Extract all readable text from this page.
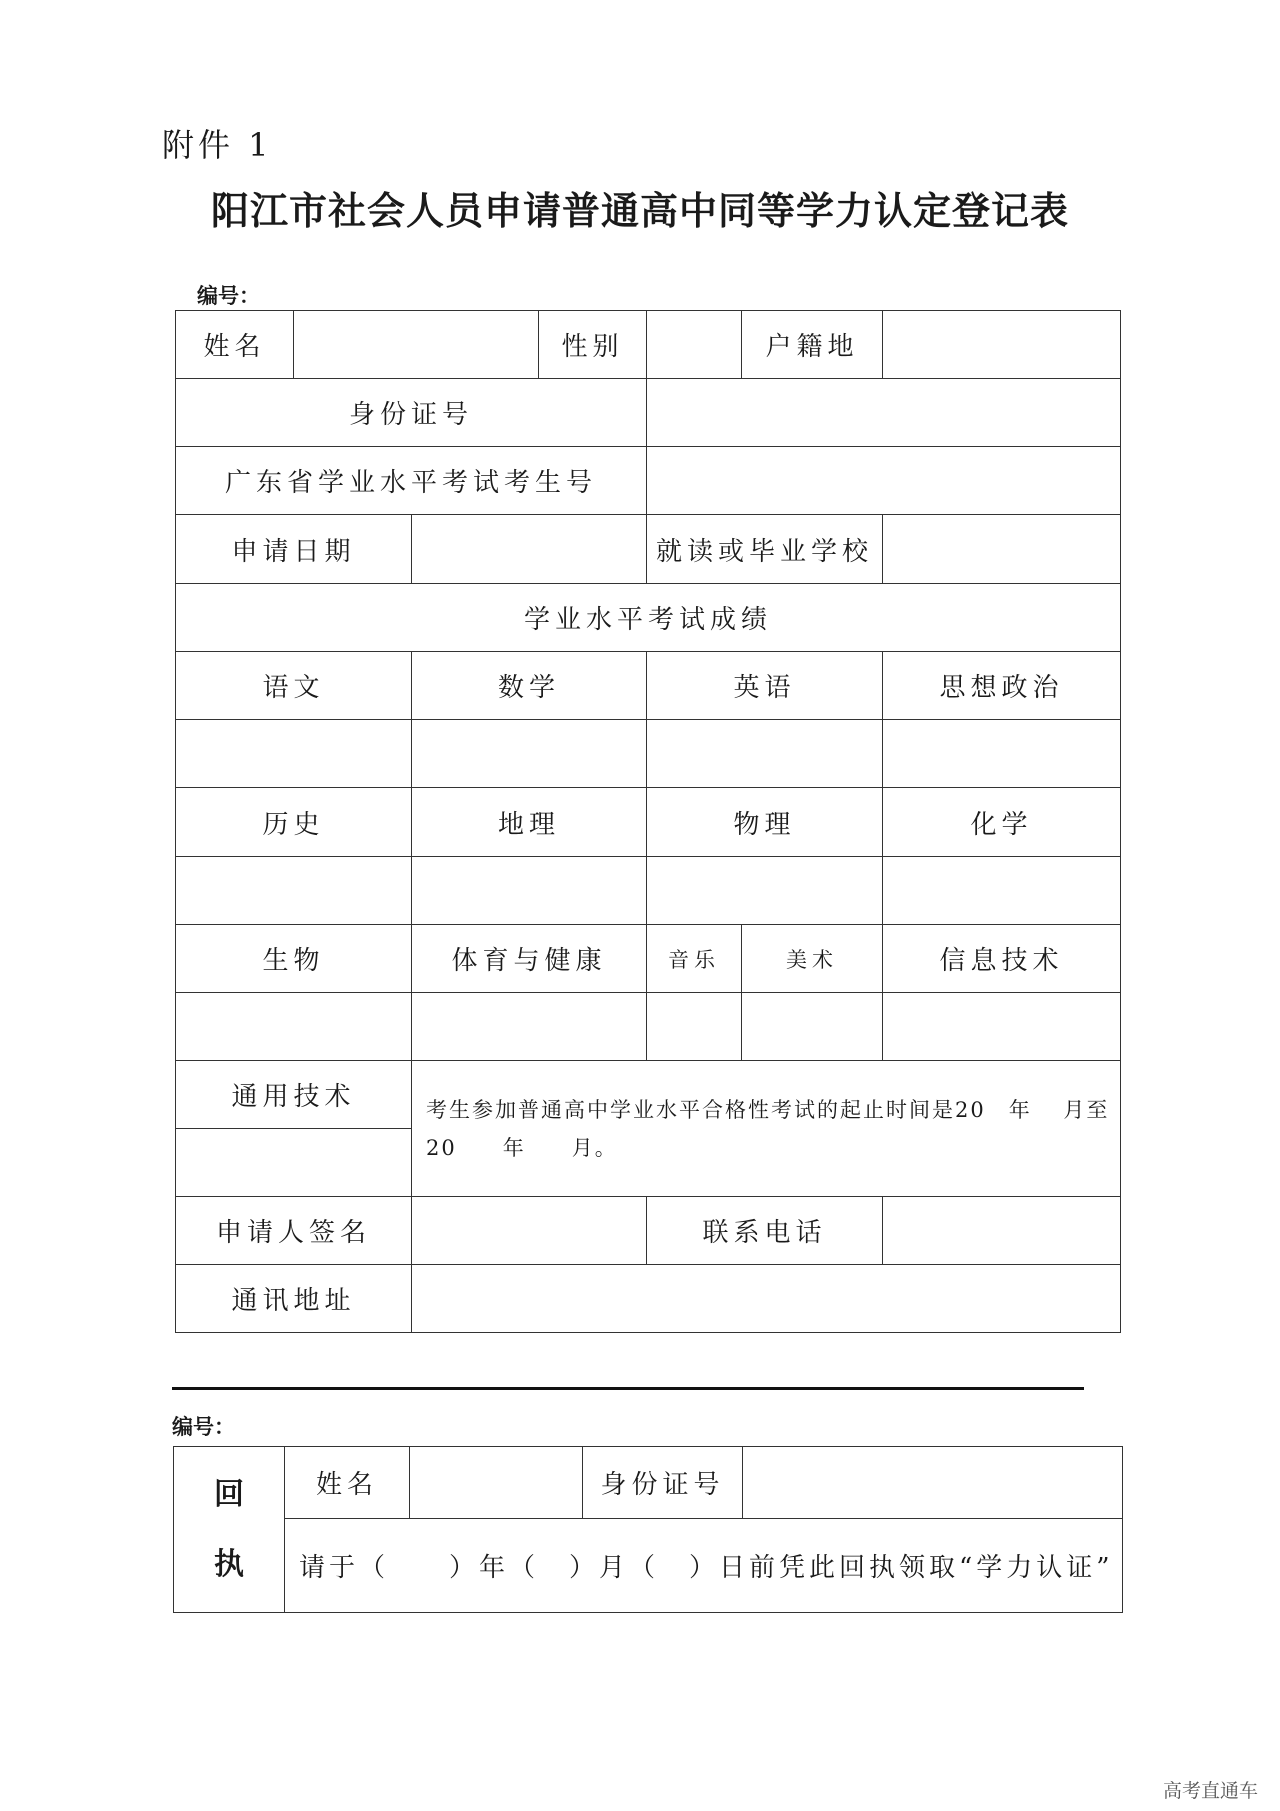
附件 1
阳江市社会人员申请普通高中同等学力认定登记表
编号：
姓名			性别		户籍地	
身份证号						
广东省学业水平考试考生号						
申请日期				就读或毕业学校		
学业水平考试成绩						
语文		数学		英语		思想政治

历史		地理		物理		化学

生物		体育与健康		音乐	美术	信息技术

通用技术		考生参加普通高中学业水平合格性考试的起止时间是20　年　 月至20　　年　　月。				

申请人签名				联系电话		
通讯地址						
编号：
回
执
	姓名		身份证号	
请于（　　）年（　）月（　）日前凭此回执领取“学力认证”
高考直通车
